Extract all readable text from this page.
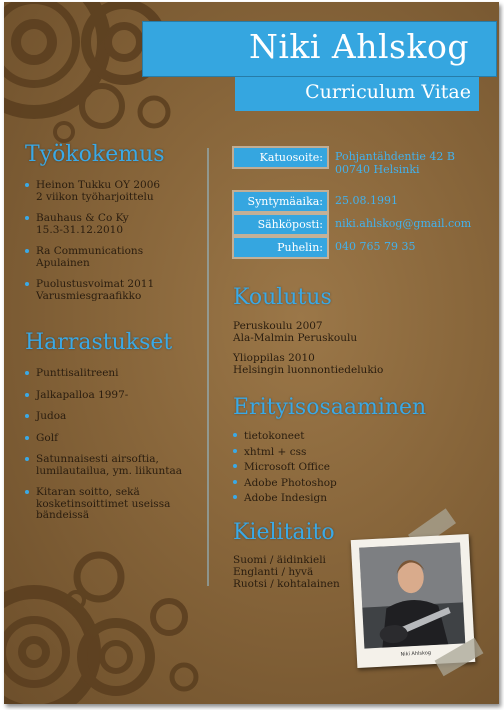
Niki Ahlskog
Curriculum Vitae
Työkokemus
Heinon Tukku OY 2006
2 viikon työharjoittelu
Bauhaus & Co Ky
15.3-31.12.2010
Ra Communications
Apulainen
Puolustusvoimat 2011
Varusmiesgraafikko
Harrastukset
Punttisalitreeni
Jalkapalloa 1997-
Judoa
Golf
Satunnaisesti airsoftia,
lumilautailua, ym. liikuntaa
Kitaran soitto, sekä
kosketinsoittimet useissa
bändeissä
Katuosoite:	Pohjantähdentie 42 B
00740 Helsinki
Syntymäaika:	25.08.1991
Sähköposti:	niki.ahlskog@gmail.com
Puhelin:	040 765 79 35
Koulutus
Peruskoulu 2007
Ala-Malmin Peruskoulu
Ylioppilas 2010
Helsingin luonnontiedelukio
Erityisosaaminen
tietokoneet
xhtml + css
Microsoft Office
Adobe Photoshop
Adobe Indesign
Kielitaito
Suomi / äidinkieli
Englanti / hyvä
Ruotsi / kohtalainen
Niki Ahlskog
